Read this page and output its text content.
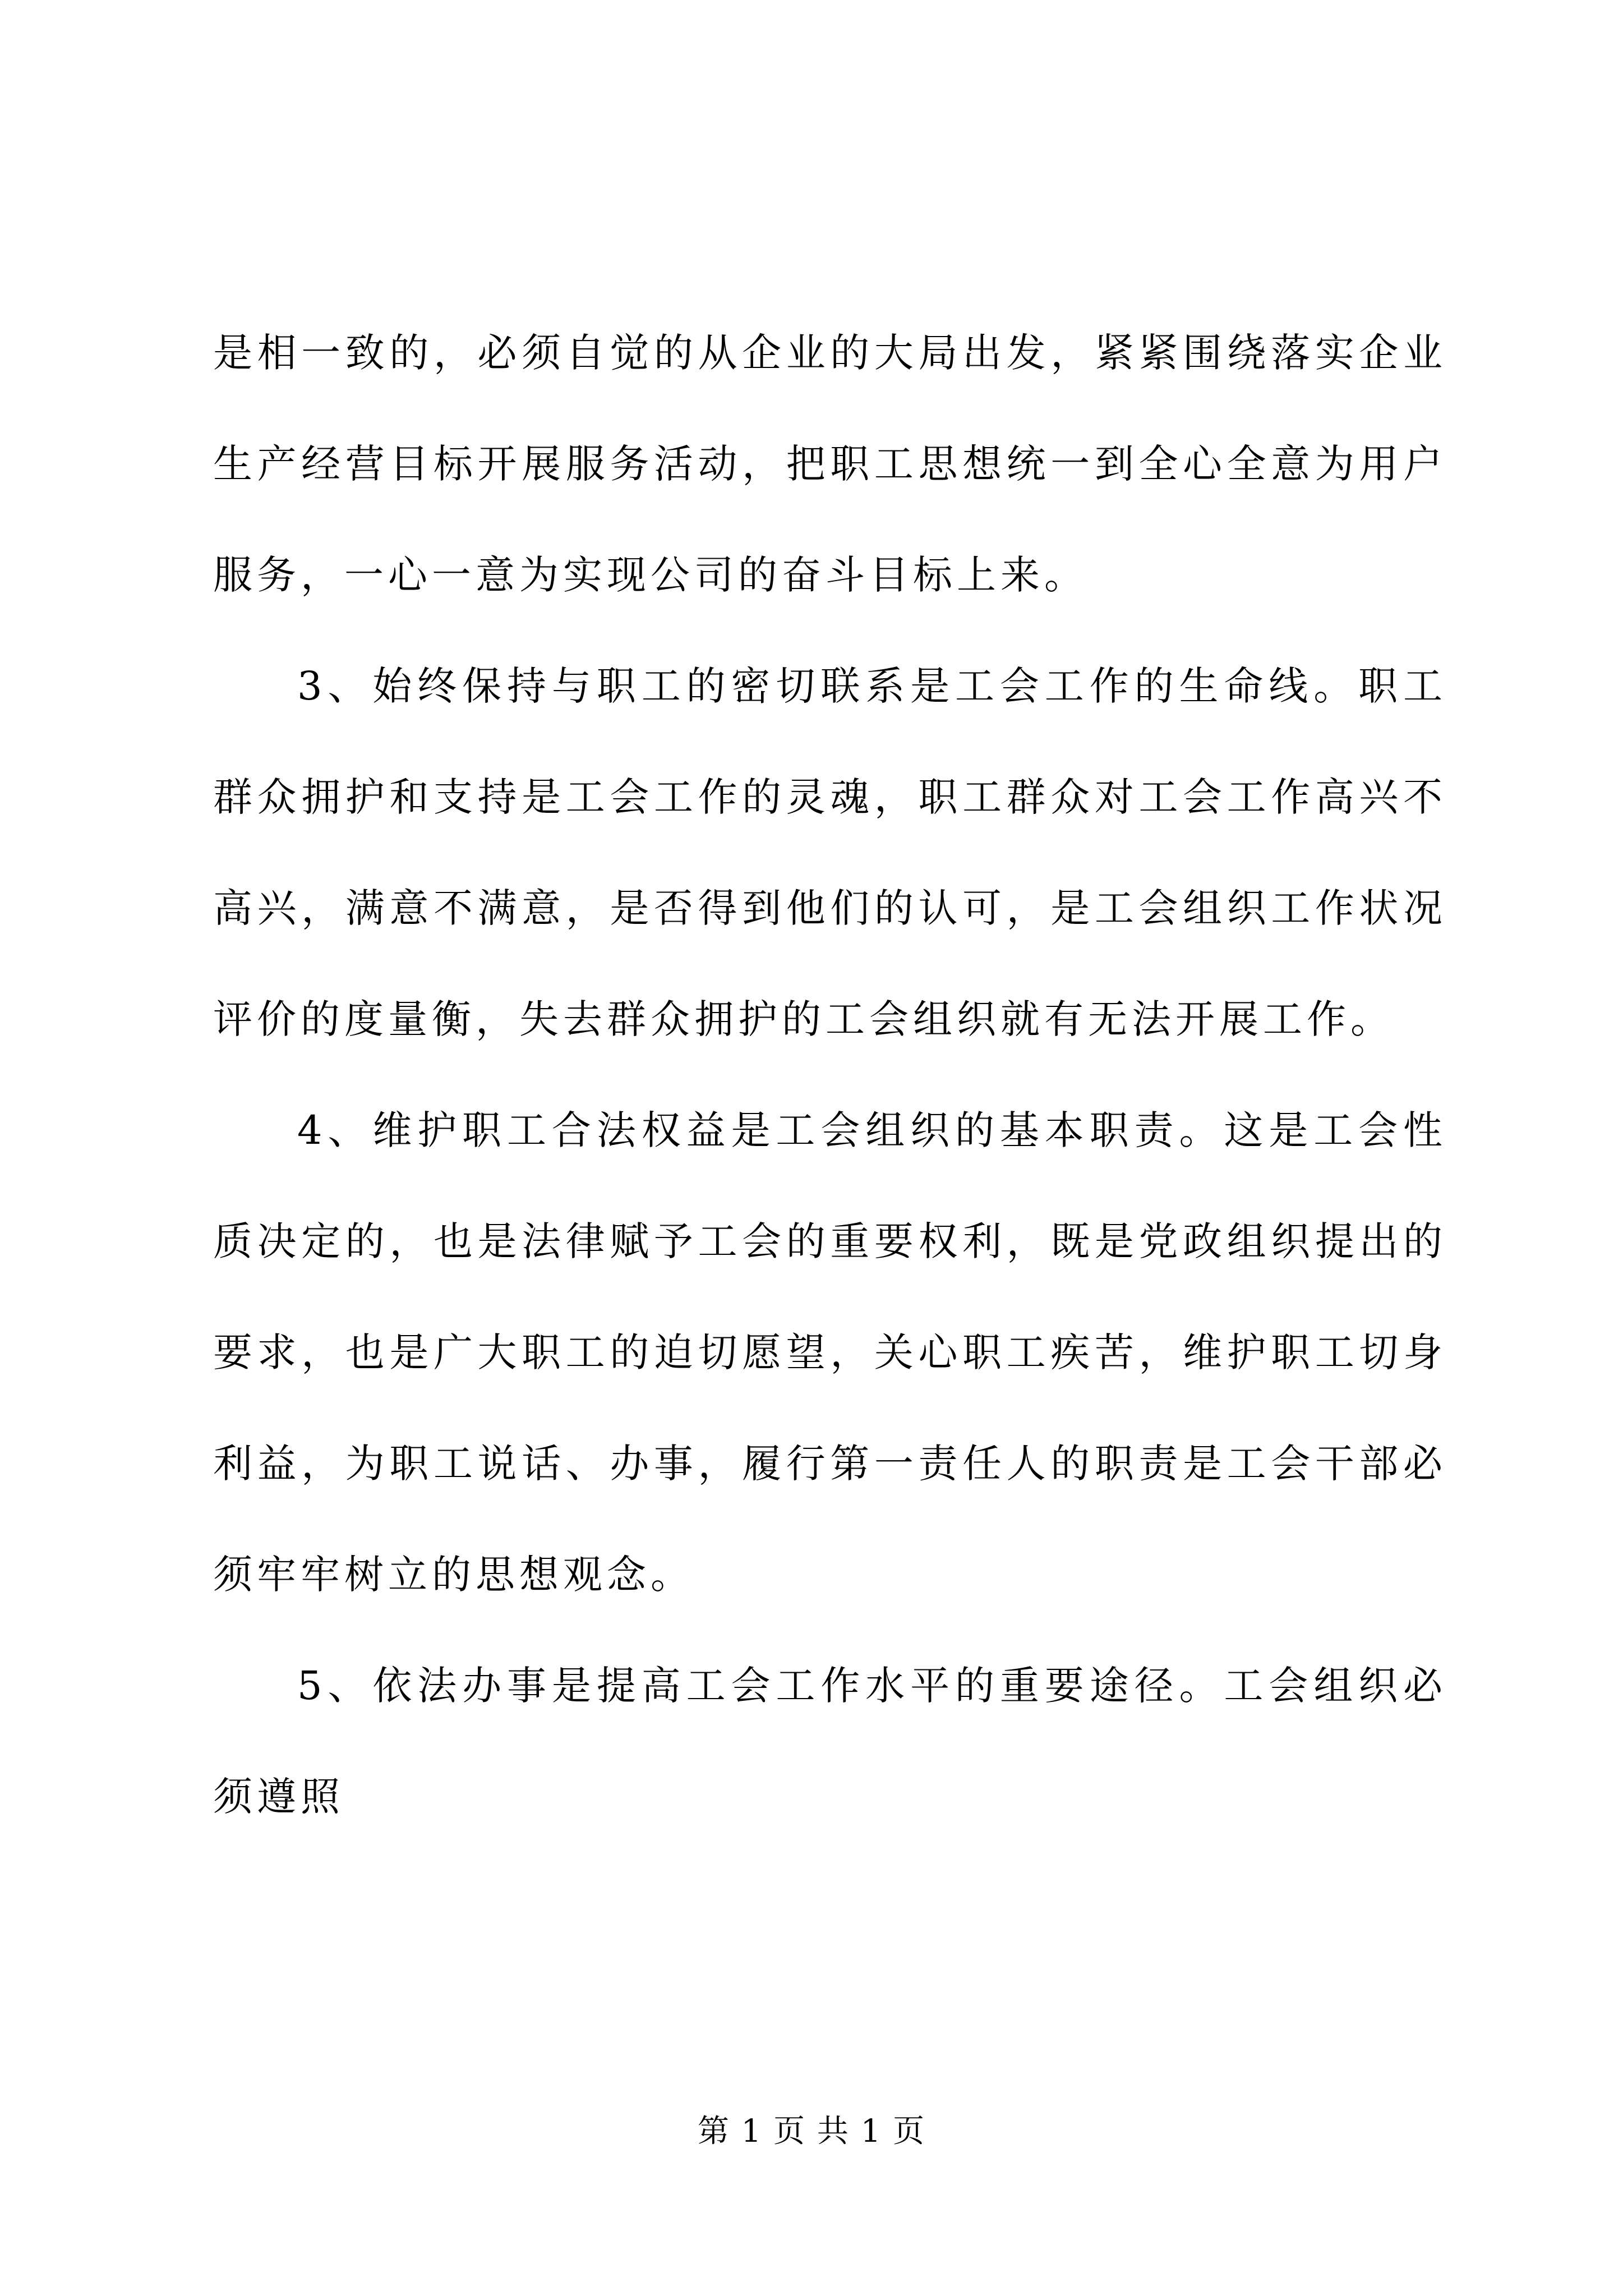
是相一致的，必须自觉的从企业的大局出发，紧紧围绕落实企业生产经营目标开展服务活动，把职工思想统一到全心全意为用户服务，一心一意为实现公司的奋斗目标上来。

3、始终保持与职工的密切联系是工会工作的生命线。职工群众拥护和支持是工会工作的灵魂，职工群众对工会工作高兴不高兴，满意不满意，是否得到他们的认可，是工会组织工作状况评价的度量衡，失去群众拥护的工会组织就有无法开展工作。

4、维护职工合法权益是工会组织的基本职责。这是工会性质决定的，也是法律赋予工会的重要权利，既是党政组织提出的要求，也是广大职工的迫切愿望，关心职工疾苦，维护职工切身利益，为职工说话、办事，履行第一责任人的职责是工会干部必须牢牢树立的思想观念。

5、依法办事是提高工会工作水平的重要途径。工会组织必须遵照

第 1 页 共 1 页
